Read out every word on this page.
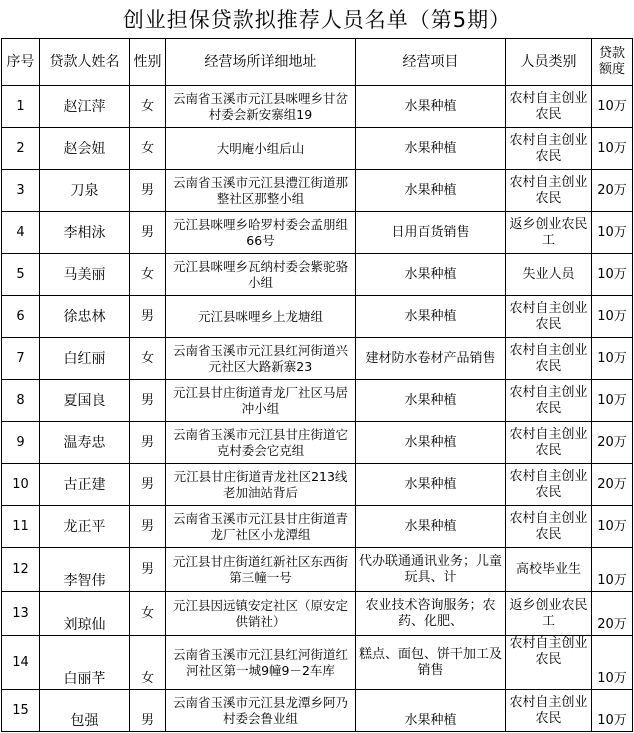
创业担保贷款拟推荐人员名单（第5期）
序号	贷款人姓名	性别	经营场所详细地址	经营项目	人员类别	贷款额度
1	赵江萍	女	云南省玉溪市元江县咪哩乡甘岔村委会新安寨组19	水果种植	农村自主创业农民	10万
2	赵会妞	女	大明庵小组后山	水果种植	农村自主创业农民	10万
3	刀泉	男	云南省玉溪市元江县澧江街道那整社区那整小组	水果种植	农村自主创业农民	20万
4	李相泳	男	元江县咪哩乡哈罗村委会孟朋组66号	日用百货销售	返乡创业农民工	10万
5	马美丽	女	元江县咪哩乡瓦纳村委会紫驼骆小组	水果种植	失业人员	10万
6	徐忠林	男	元江县咪哩乡上龙塘组	水果种植	农村自主创业农民	10万
7	白红丽	女	云南省玉溪市元江县红河街道兴元社区大路新寨23	建材防水卷材产品销售	农村自主创业农民	10万
8	夏国良	男	元江县甘庄街道青龙厂社区马居冲小组	水果种植	农村自主创业农民	10万
9	温寿忠	男	云南省玉溪市元江县甘庄街道它克村委会它克组	水果种植	农村自主创业农民	20万
10	古正建	男	元江县甘庄街道青龙社区213线老加油站背后	水果种植	农村自主创业农民	20万
11	龙正平	男	云南省玉溪市元江县甘庄街道青龙厂社区小龙潭组	水果种植	农村自主创业农民	10万
12	李智伟	男	元江县甘庄街道红新社区东西街第三幢一号	代办联通通讯业务；儿童玩具、计	高校毕业生	10万
13	刘琼仙	女	元江县因远镇安定社区（原安定供销社）	农业技术咨询服务；农药、化肥、	返乡创业农民工	20万
14	白丽芊	女	云南省玉溪市元江县红河街道红河社区第一城9幢9－2车库	糕点、面包、饼干加工及销售	农村自主创业农民	10万
15	包强	男	云南省玉溪市元江县龙潭乡阿乃村委会鲁业组	水果种植	农村自主创业农民	10万
